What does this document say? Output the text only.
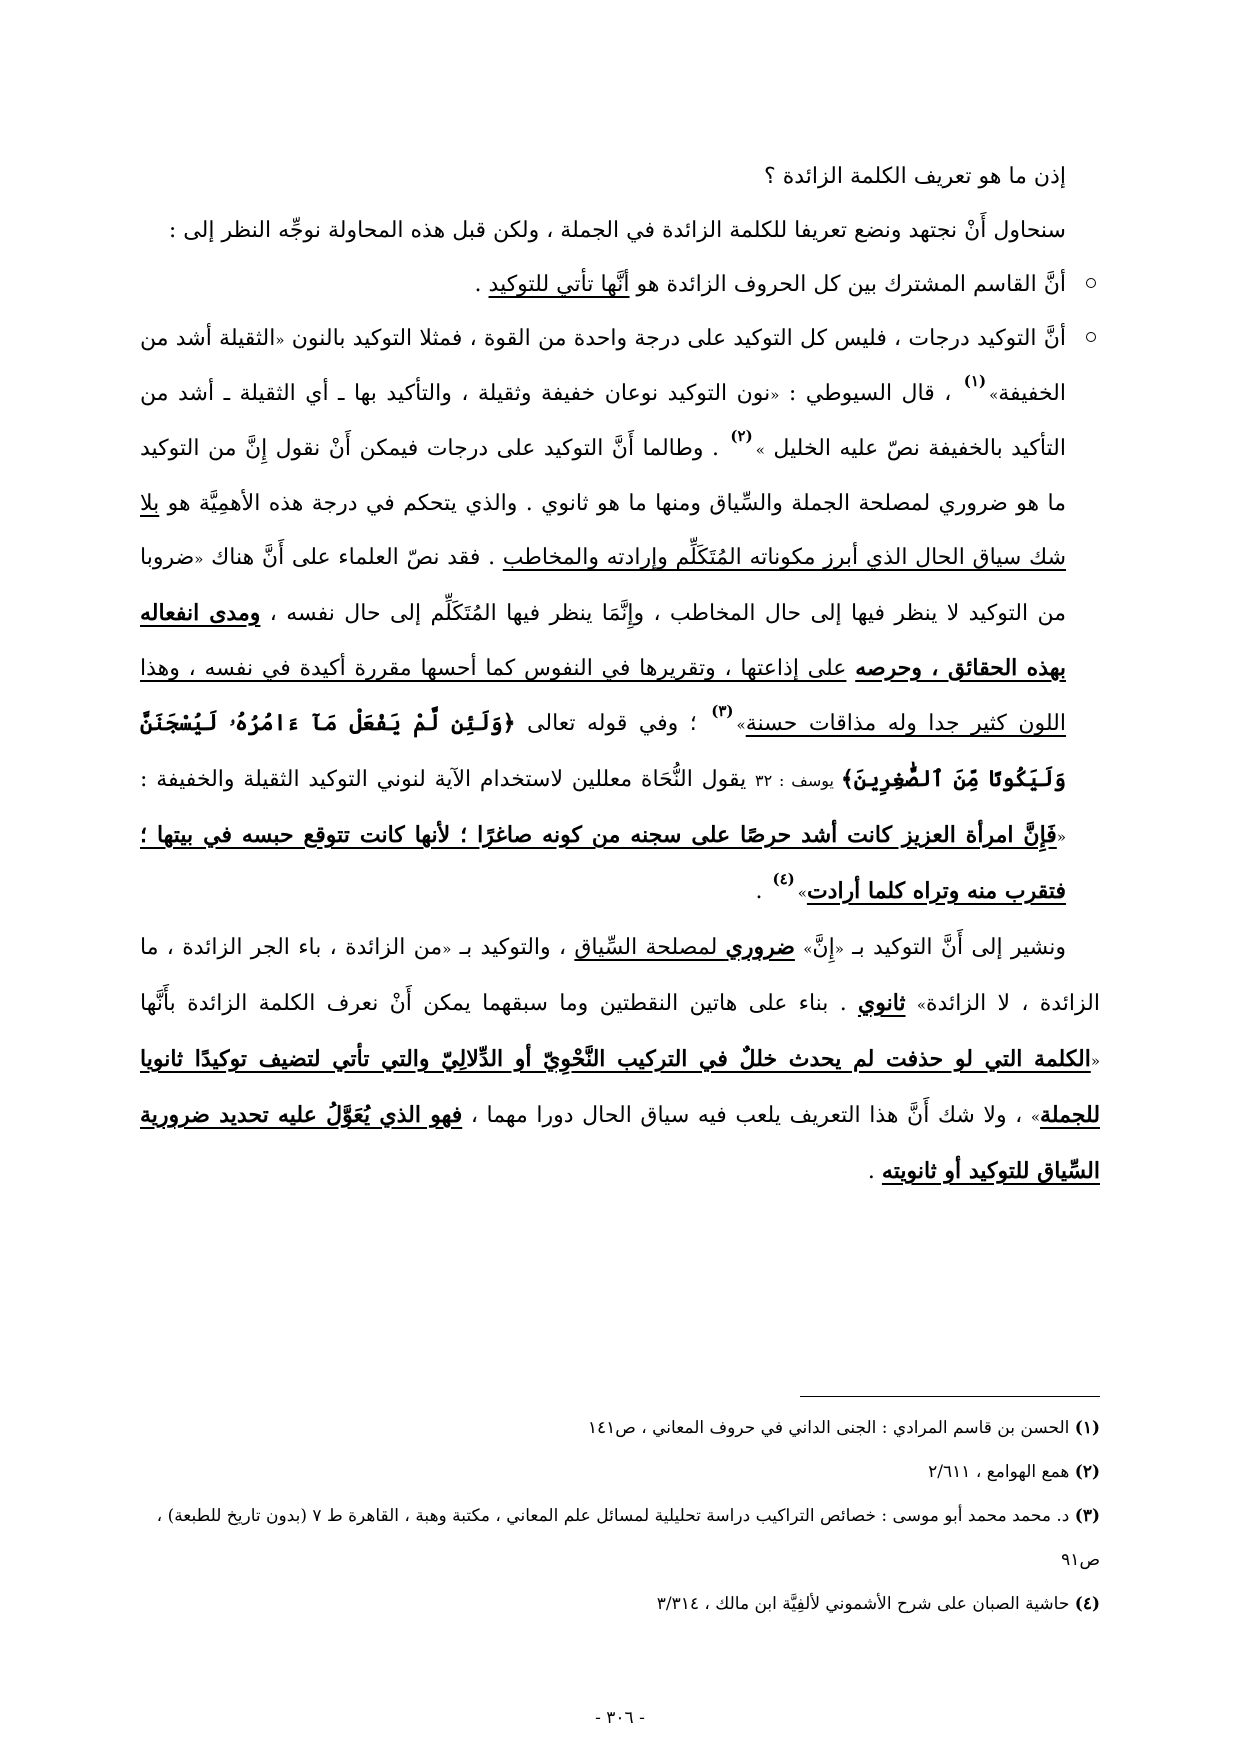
إذن ما هو تعريف الكلمة الزائدة ؟

سنحاول أَنْ نجتهد ونضع تعريفا للكلمة الزائدة في الجملة ، ولكن قبل هذه المحاولة نوجِّه النظر إلى :

أنَّ القاسم المشترك بين كل الحروف الزائدة هو أنَّها تأتي للتوكيد .

أنَّ التوكيد درجات ، فليس كل التوكيد على درجة واحدة من القوة ، فمثلا التوكيد بالنون «الثقيلة أشد من الخفيفة»$^{(١)}$ ، قال السيوطي : «نون التوكيد نوعان خفيفة وثقيلة ، والتأكيد بها ـ أي الثقيلة ـ أشد من التأكيد بالخفيفة نصّ عليه الخليل »$^{(٢)}$ . وطالما أَنَّ التوكيد على درجات فيمكن أَنْ نقول إِنَّ من التوكيد ما هو ضروري لمصلحة الجملة والسِّياق ومنها ما هو ثانوي . والذي يتحكم في درجة هذه الأهمِيَّة هو بلا شك سياق الحال الذي أبرز مكوناته المُتَكَلِّم وإرادته والمخاطب . فقد نصّ العلماء على أَنَّ هناك «ضروبا من التوكيد لا ينظر فيها إلى حال المخاطب ، وإِنَّمَا ينظر فيها المُتَكَلِّم إلى حال نفسه ، ومدى انفعاله بهذه الحقائق ، وحرصه على إذاعتها ، وتقريرها في النفوس كما أحسها مقررة أكيدة في نفسه ، وهذا اللون كثير جدا وله مذاقات حسنة»$^{(٣)}$ ؛ وفي قوله تعالى ﴿وَلَئِن لَّمْ يَفْعَلْ مَآ ءَامُرُهُۥ لَيُسْجَنَنَّ وَلَيَكُونًا مِّنَ ٱلصَّٰغِرِينَ﴾ يوسف : ٣٢ يقول النُّحَاة معللين لاستخدام الآية لنوني التوكيد الثقيلة والخفيفة : «فَإِنَّ امرأة العزيز كانت أشد حرصًا على سجنه من كونه صاغرًا ؛ لأنها كانت تتوقع حبسه في بيتها ؛ فتقرب منه وتراه كلما أرادت»$^{(٤)}$ .

ونشير إلى أَنَّ التوكيد بـ «إِنَّ» ضروري لمصلحة السِّياق ، والتوكيد بـ «من الزائدة ، باء الجر الزائدة ، ما الزائدة ، لا الزائدة» ثانوي . بناء على هاتين النقطتين وما سبقهما يمكن أَنْ نعرف الكلمة الزائدة بأَنَّها «الكلمة التي لو حذفت لم يحدث خللٌ في التركيب النَّحْوِيّ أو الدِّلالِيّ والتي تأتي لتضيف توكيدًا ثانويا للجملة» ، ولا شك أَنَّ هذا التعريف يلعب فيه سياق الحال دورا مهما ، فهو الذي يُعَوَّلُ عليه تحديد ضرورية السِّياق للتوكيد أو ثانويته .

(١) الحسن بن قاسم المرادي : الجنى الداني في حروف المعاني ، ص١٤١

(٢) همع الهوامع ، ٢/٦١١

(٣) د. محمد محمد أبو موسى : خصائص التراكيب دراسة تحليلية لمسائل علم المعاني ، مكتبة وهبة ، القاهرة ط ٧ (بدون تاريخ للطبعة) ، ص٩١

(٤) حاشية الصبان على شرح الأشموني لألفِيَّة ابن مالك ، ٣/٣١٤

- ٣٠٦ -
